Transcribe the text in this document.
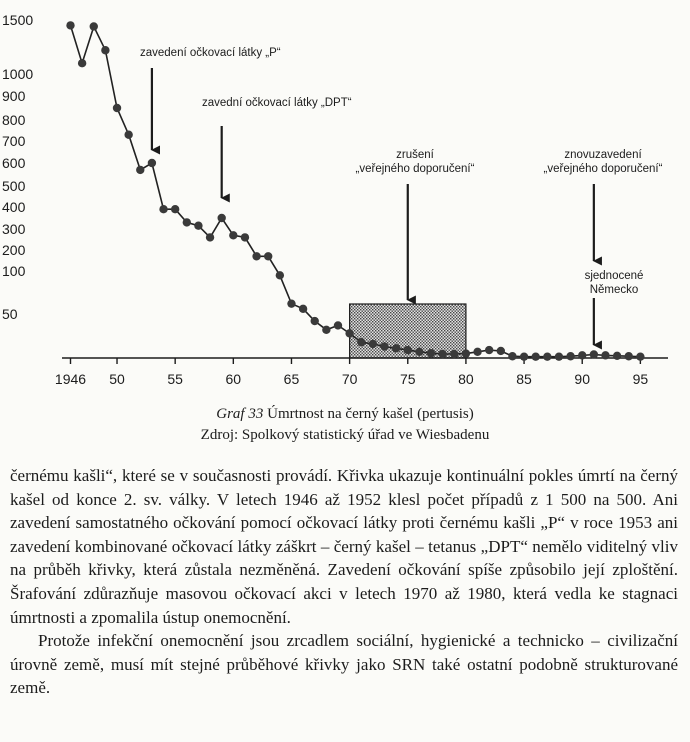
1500
1000
900
800
700
600
500
400
300
200
100
50
1946 50	55	60	65	70	75	80	85	90	95
zavedení očkovací látky „P“
zavední očkovací látky „DPT“
zrušení „veřejného doporučení“
znovuzavedení „veřejného doporučení“
sjednocené Německo
Graf 33 Úmrtnost na černý kašel (pertusis)
Zdroj: Spolkový statistický úřad ve Wiesbadenu

černému kašli“, které se v současnosti provádí. Křivka ukazuje kontinuální pokles úmrtí na černý kašel od konce 2. sv. války. V letech 1946 až 1952 klesl počet případů z 1 500 na 500. Ani zavedení samostatného očkování pomocí očkovací látky proti černému kašli „P“ v roce 1953 ani zavedení kombinované očkovací látky záškrt – černý kašel – tetanus „DPT“ nemělo viditelný vliv na průběh křivky, která zůstala nezměněná. Zavedení očkování spíše způsobilo její zploštění. Šrafování zdůrazňuje masovou očkovací akci v letech 1970 až 1980, která vedla ke stagnaci úmrtnosti a zpomalila ústup onemocnění.

Protože infekční onemocnění jsou zrcadlem sociální, hygienické a technicko – civilizační úrovně země, musí mít stejné průběhové křivky jako SRN také ostatní podobně strukturované země.
